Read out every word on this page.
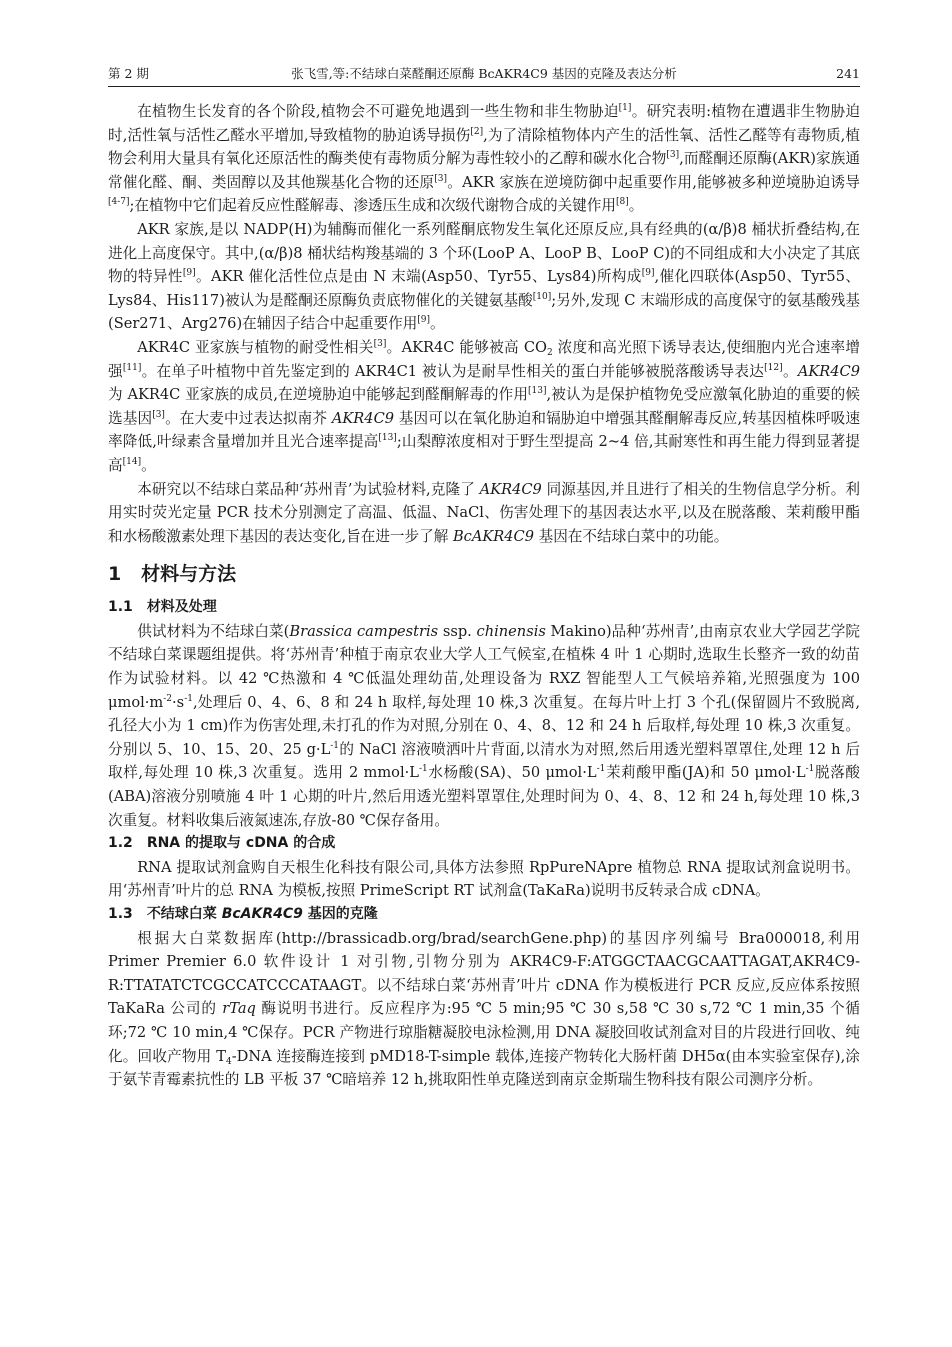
第 2 期	张飞雪,等:不结球白菜醛酮还原酶 BcAKR4C9 基因的克隆及表达分析	241

在植物生长发育的各个阶段,植物会不可避免地遇到一些生物和非生物胁迫[1]。研究表明:植物在遭遇非生物胁迫时,活性氧与活性乙醛水平增加,导致植物的胁迫诱导损伤[2],为了清除植物体内产生的活性氧、活性乙醛等有毒物质,植物会利用大量具有氧化还原活性的酶类使有毒物质分解为毒性较小的乙醇和碳水化合物[3],而醛酮还原酶(AKR)家族通常催化醛、酮、类固醇以及其他羰基化合物的还原[3]。AKR 家族在逆境防御中起重要作用,能够被多种逆境胁迫诱导[4-7];在植物中它们起着反应性醛解毒、渗透压生成和次级代谢物合成的关键作用[8]。

AKR 家族,是以 NADP(H)为辅酶而催化一系列醛酮底物发生氧化还原反应,具有经典的(α/β)8 桶状折叠结构,在进化上高度保守。其中,(α/β)8 桶状结构羧基端的 3 个环(LooP A、LooP B、LooP C)的不同组成和大小决定了其底物的特异性[9]。AKR 催化活性位点是由 N 末端(Asp50、Tyr55、Lys84)所构成[9],催化四联体(Asp50、Tyr55、Lys84、His117)被认为是醛酮还原酶负责底物催化的关键氨基酸[10];另外,发现 C 末端形成的高度保守的氨基酸残基(Ser271、Arg276)在辅因子结合中起重要作用[9]。

AKR4C 亚家族与植物的耐受性相关[3]。AKR4C 能够被高 $CO_2$ 浓度和高光照下诱导表达,使细胞内光合速率增强[11]。在单子叶植物中首先鉴定到的 AKR4C1 被认为是耐旱性相关的蛋白并能够被脱落酸诱导表达[12]。AKR4C9 为 AKR4C 亚家族的成员,在逆境胁迫中能够起到醛酮解毒的作用[13],被认为是保护植物免受应激氧化胁迫的重要的候选基因[3]。在大麦中过表达拟南芥 AKR4C9 基因可以在氧化胁迫和镉胁迫中增强其醛酮解毒反应,转基因植株呼吸速率降低,叶绿素含量增加并且光合速率提高[13];山梨醇浓度相对于野生型提高 2~4 倍,其耐寒性和再生能力得到显著提高[14]。

本研究以不结球白菜品种‘苏州青’为试验材料,克隆了 AKR4C9 同源基因,并且进行了相关的生物信息学分析。利用实时荧光定量 PCR 技术分别测定了高温、低温、NaCl、伤害处理下的基因表达水平,以及在脱落酸、茉莉酸甲酯和水杨酸激素处理下基因的表达变化,旨在进一步了解 BcAKR4C9 基因在不结球白菜中的功能。

1 材料与方法
1.1 材料及处理

供试材料为不结球白菜(Brassica campestris ssp. chinensis Makino)品种‘苏州青’,由南京农业大学园艺学院不结球白菜课题组提供。将‘苏州青’种植于南京农业大学人工气候室,在植株 4 叶 1 心期时,选取生长整齐一致的幼苗作为试验材料。以 42 ℃热激和 4 ℃低温处理幼苗,处理设备为 RXZ 智能型人工气候培养箱,光照强度为 100 $\mu mol\cdot m^{-2}\cdot s^{-1}$,处理后 0、4、6、8 和 24 h 取样,每处理 10 株,3 次重复。在每片叶上打 3 个孔(保留圆片不致脱离,孔径大小为 1 cm)作为伤害处理,未打孔的作为对照,分别在 0、4、8、12 和 24 h 后取样,每处理 10 株,3 次重复。分别以 5、10、15、20、25 $g\cdot L^{-1}$的 NaCl 溶液喷洒叶片背面,以清水为对照,然后用透光塑料罩罩住,处理 12 h 后取样,每处理 10 株,3 次重复。选用 2 $mmol\cdot L^{-1}$水杨酸(SA)、50 $\mu mol\cdot L^{-1}$茉莉酸甲酯(JA)和 50 $\mu mol\cdot L^{-1}$脱落酸(ABA)溶液分别喷施 4 叶 1 心期的叶片,然后用透光塑料罩罩住,处理时间为 0、4、8、12 和 24 h,每处理 10 株,3 次重复。材料收集后液氮速冻,存放-80 ℃保存备用。

1.2 RNA 的提取与 cDNA 的合成

RNA 提取试剂盒购自天根生化科技有限公司,具体方法参照 RpPureNApre 植物总 RNA 提取试剂盒说明书。用‘苏州青’叶片的总 RNA 为模板,按照 PrimeScript RT 试剂盒(TaKaRa)说明书反转录合成 cDNA。

1.3 不结球白菜 BcAKR4C9 基因的克隆

根据大白菜数据库(http://brassicadb.org/brad/searchGene.php)的基因序列编号 Bra000018,利用 Primer Premier 6.0 软件设计 1 对引物,引物分别为 AKR4C9-F:ATGGCTAACGCAATTAGAT,AKR4C9-R:TTATATCTCGCCATCCCATAAGT。以不结球白菜‘苏州青’叶片 cDNA 作为模板进行 PCR 反应,反应体系按照 TaKaRa 公司的 rTaq 酶说明书进行。反应程序为:95 ℃ 5 min;95 ℃ 30 s,58 ℃ 30 s,72 ℃ 1 min,35 个循环;72 ℃ 10 min,4 ℃保存。PCR 产物进行琼脂糖凝胶电泳检测,用 DNA 凝胶回收试剂盒对目的片段进行回收、纯化。回收产物用 $T_4$-DNA 连接酶连接到 pMD18-T-simple 载体,连接产物转化大肠杆菌 DH5α(由本实验室保存),涂于氨苄青霉素抗性的 LB 平板 37 ℃暗培养 12 h,挑取阳性单克隆送到南京金斯瑞生物科技有限公司测序分析。
